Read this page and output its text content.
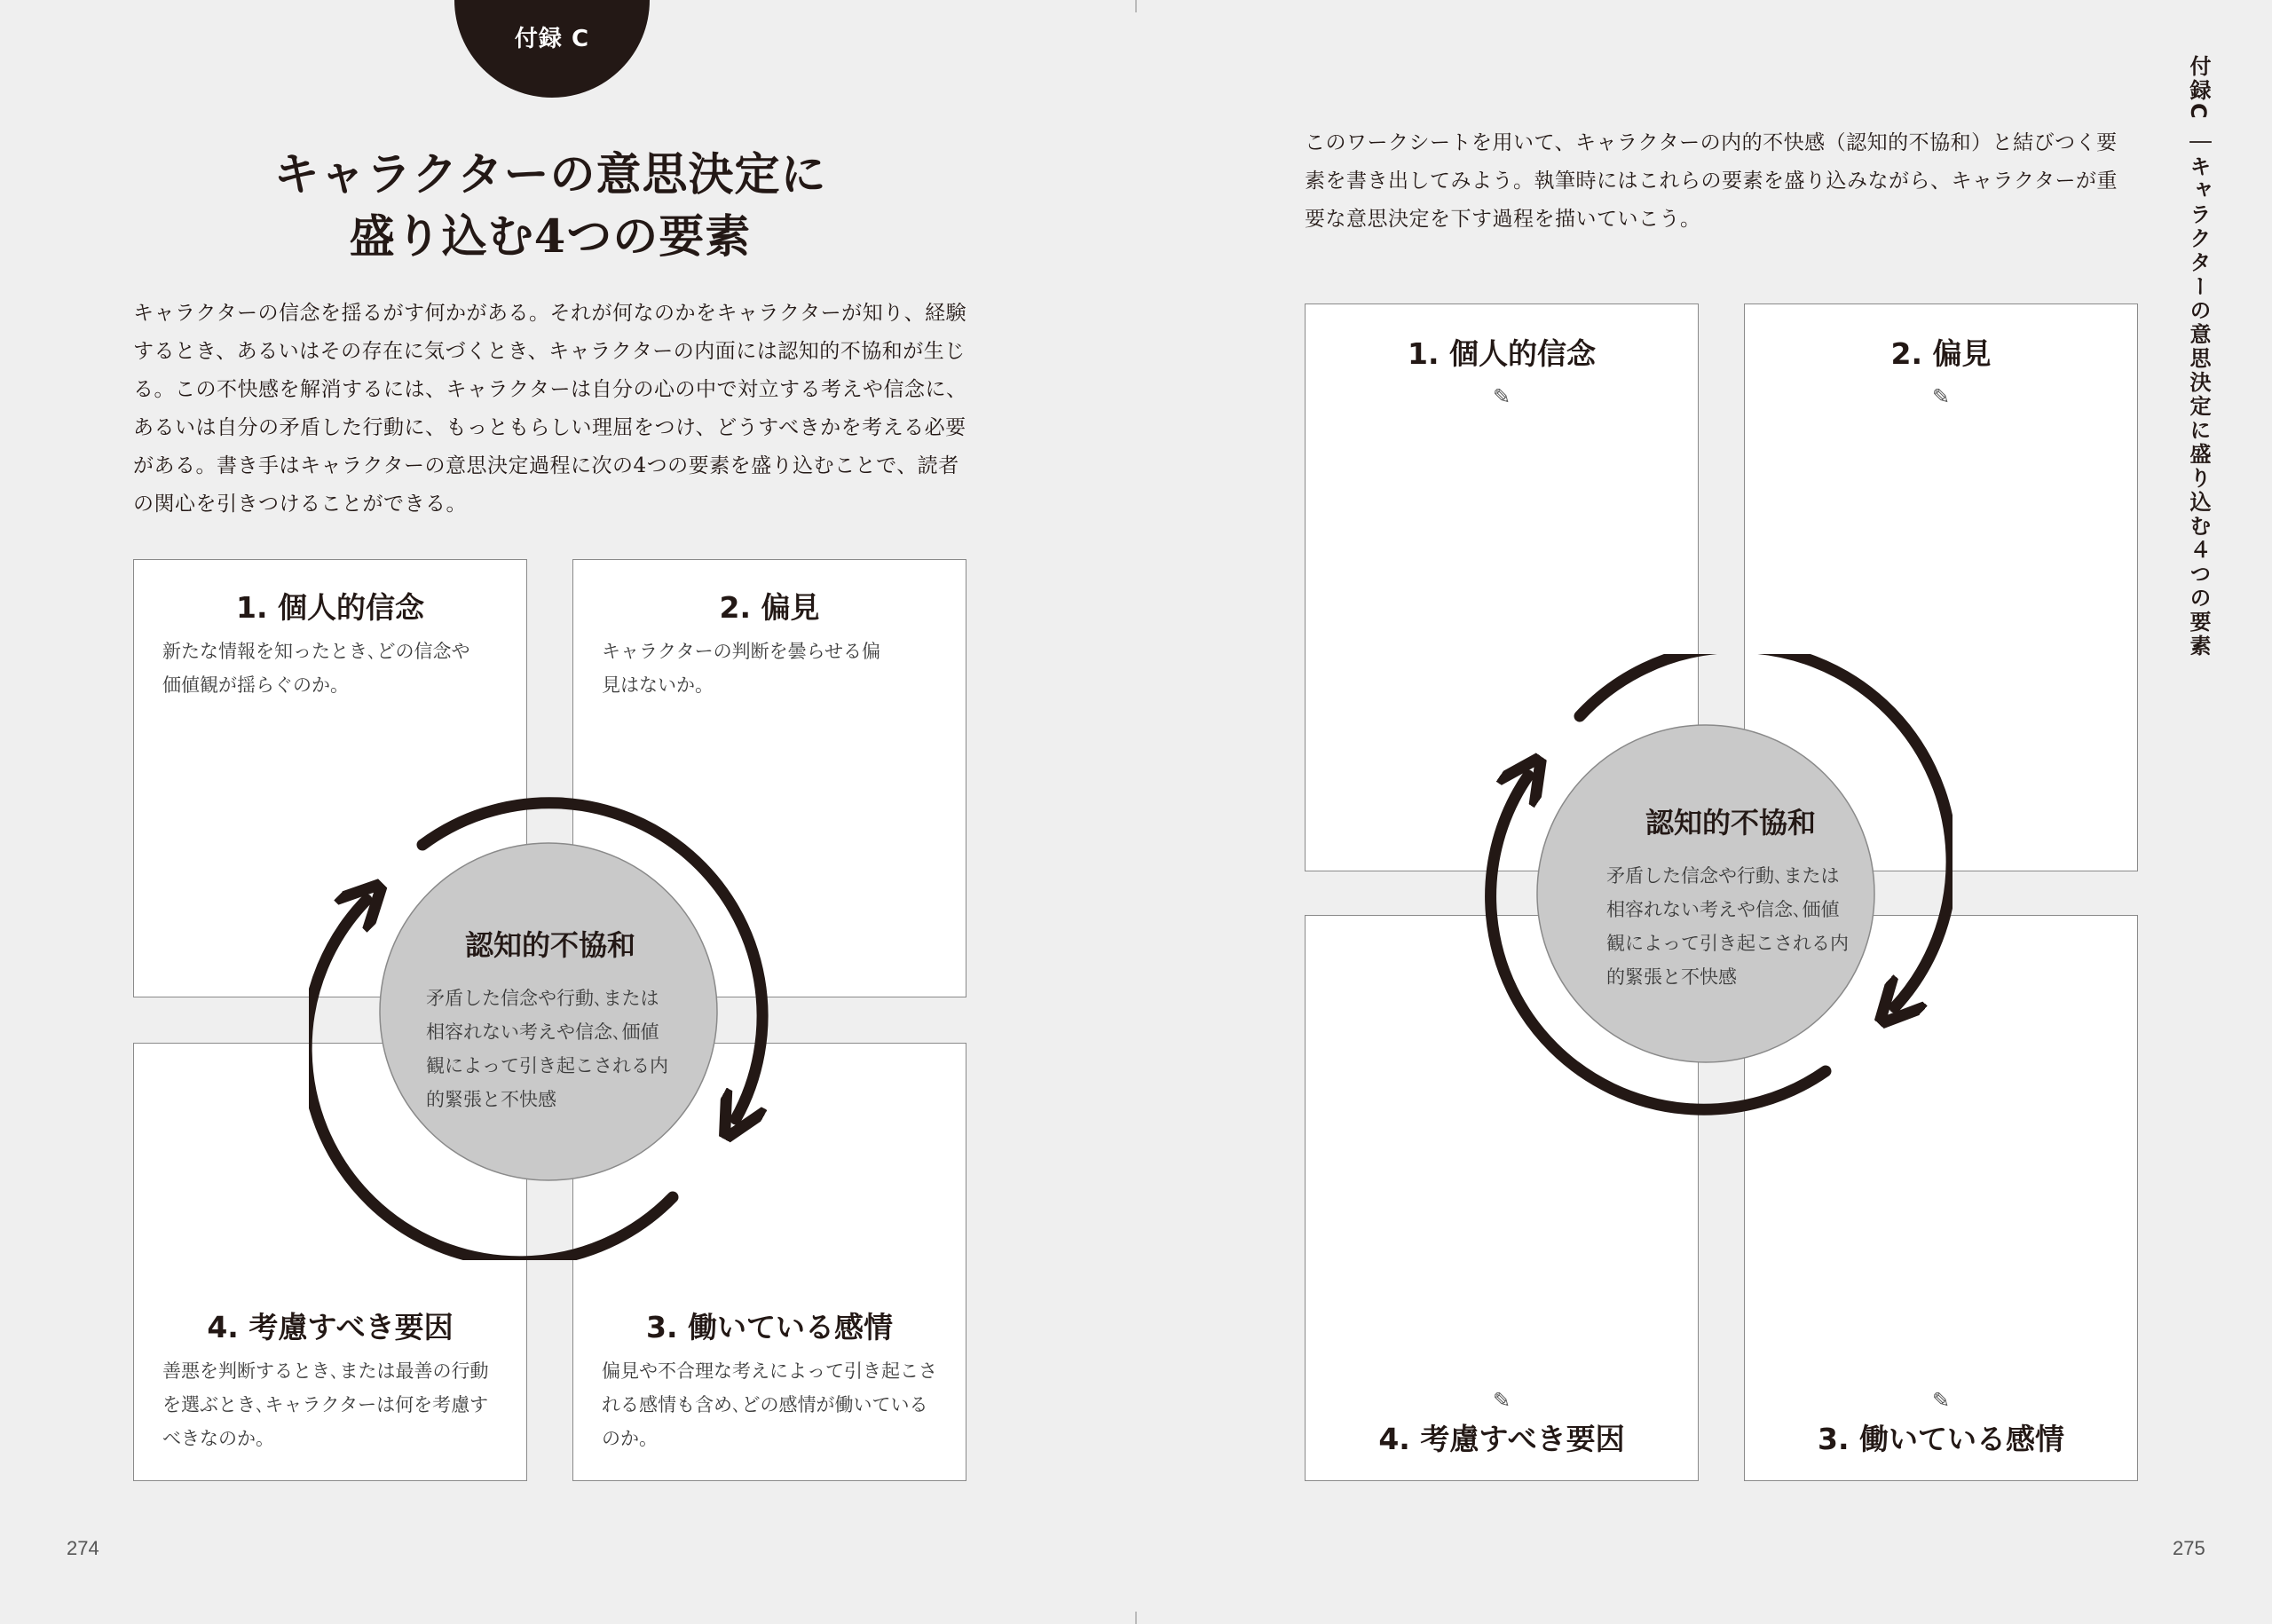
付録 C
キャラクターの意思決定に
盛り込む4つの要素

キャラクターの信念を揺るがす何かがある。それが何なのかをキャラクターが知り、経験するとき、あるいはその存在に気づくとき、キャラクターの内面には認知的不協和が生じる。この不快感を解消するには、キャラクターは自分の心の中で対立する考えや信念に、あるいは自分の矛盾した行動に、もっともらしい理屈をつけ、どうすべきかを考える必要がある。書き手はキャラクターの意思決定過程に次の4つの要素を盛り込むことで、読者の関心を引きつけることができる。

1. 個人的信念

新たな情報を知ったとき､どの信念や価値観が揺らぐのか｡

2. 偏見

キャラクターの判断を曇らせる偏見はないか｡

4. 考慮すべき要因

善悪を判断するとき､または最善の行動を選ぶとき､キャラクターは何を考慮すべきなのか｡

3. 働いている感情

偏見や不合理な考えによって引き起こされる感情も含め､どの感情が働いているのか｡

認知的不協和

矛盾した信念や行動､または相容れない考えや信念､価値観によって引き起こされる内的緊張と不快感

274

このワークシートを用いて、キャラクターの内的不快感（認知的不協和）と結びつく要素を書き出してみよう。執筆時にはこれらの要素を盛り込みながら、キャラクターが重要な意思決定を下す過程を描いていこう。

1. 個人的信念

✎

2. 偏見

✎
✎

4. 考慮すべき要因

✎

3. 働いている感情

認知的不協和

矛盾した信念や行動､または相容れない考えや信念､価値観によって引き起こされる内的緊張と不快感

付録C ｜キャラクターの意思決定に盛り込む４つの要素
275
